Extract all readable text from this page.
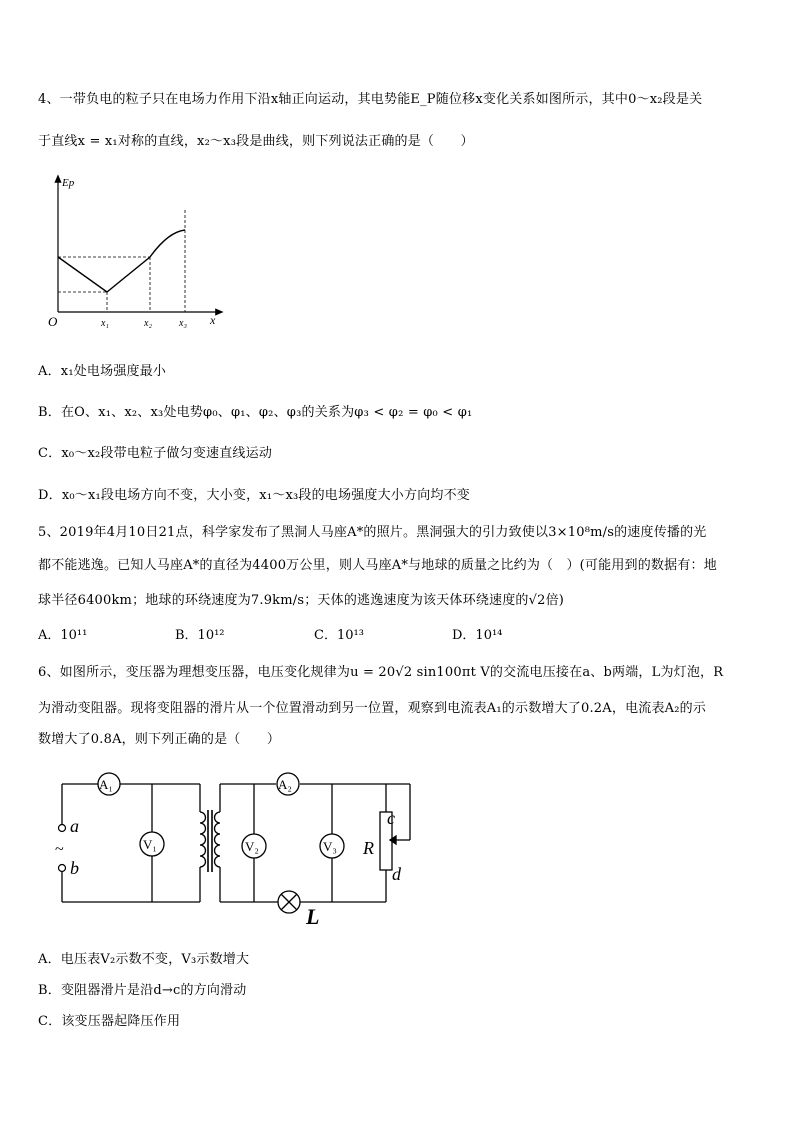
4、一带负电的粒子只在电场力作用下沿x轴正向运动，其电势能E_P随位移x变化关系如图所示，其中0～x₂段是关
于直线x = x₁对称的直线，x₂～x₃段是曲线，则下列说法正确的是（　　）
Ep
O	x
x₁	x₂	x₃
A．x₁处电场强度最小
B．在O、x₁、x₂、x₃处电势φ₀、φ₁、φ₂、φ₃的关系为φ₃ < φ₂ = φ₀ < φ₁
C．x₀～x₂段带电粒子做匀变速直线运动
D．x₀～x₁段电场方向不变，大小变，x₁～x₃段的电场强度大小方向均不变
5、2019年4月10日21点，科学家发布了黑洞人马座A*的照片。黑洞强大的引力致使以3×10⁸m/s的速度传播的光
都不能逃逸。已知人马座A*的直径为4400万公里，则人马座A*与地球的质量之比约为（　）(可能用到的数据有：地
球半径6400km；地球的环绕速度为7.9km/s；天体的逃逸速度为该天体环绕速度的√2倍)
A．10¹¹	B．10¹²	C．10¹³	D．10¹⁴
6、如图所示，变压器为理想变压器，电压变化规律为u = 20√2 sin100πt V的交流电压接在a、b两端，L为灯泡，R
为滑动变阻器。现将变阻器的滑片从一个位置滑动到另一位置，观察到电流表A₁的示数增大了0.2A，电流表A₂的示
数增大了0.8A，则下列正确的是（　　）
a
~
b
A₁	A₂
V₁	V₂	V₃ R
c
d
L
A．电压表V₂示数不变，V₃示数增大
B．变阻器滑片是沿d→c的方向滑动
C．该变压器起降压作用
